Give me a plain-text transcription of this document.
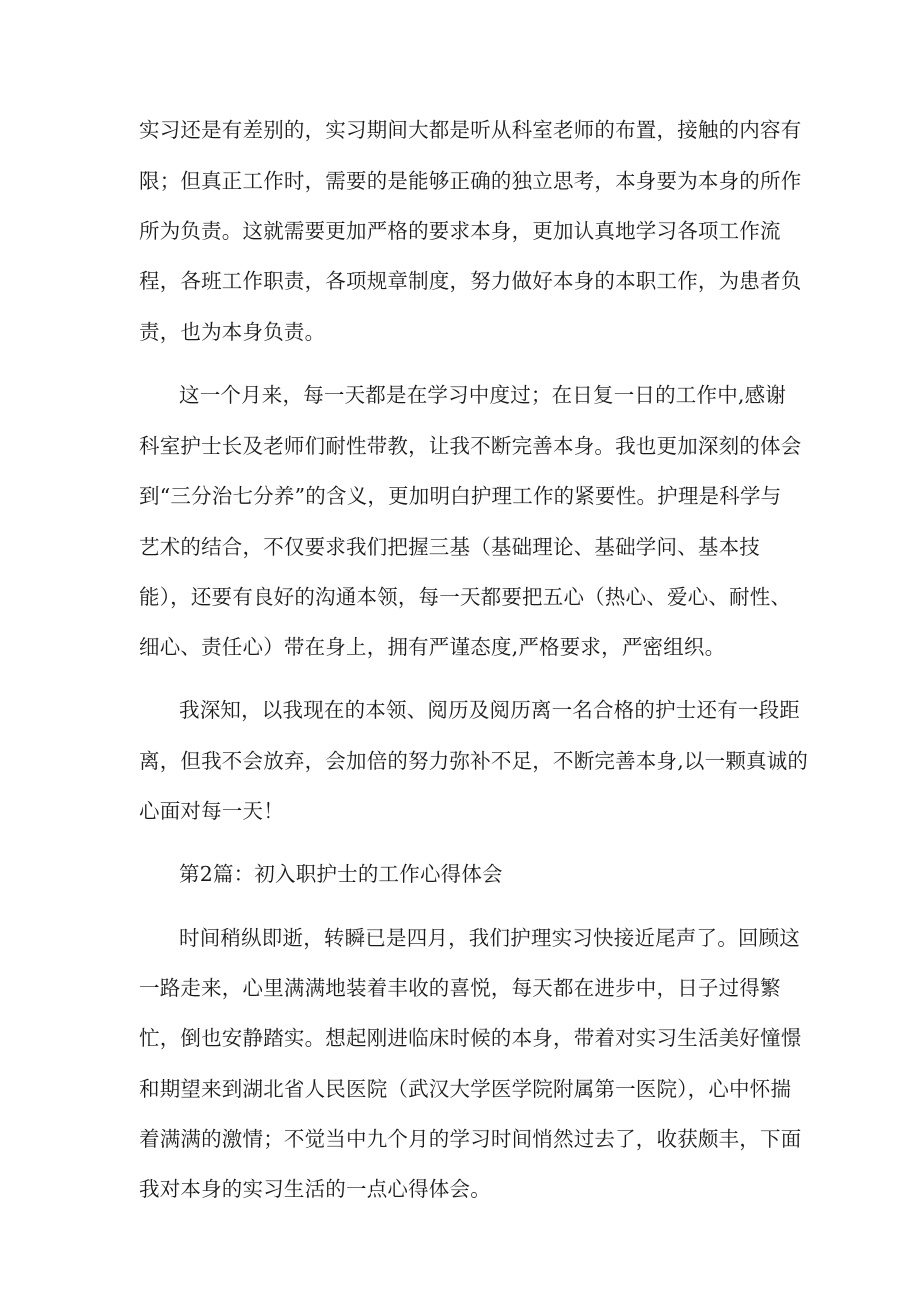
实习还是有差别的，实习期间大都是听从科室老师的布置，接触的内容有
限；但真正工作时，需要的是能够正确的独立思考，本身要为本身的所作
所为负责。这就需要更加严格的要求本身，更加认真地学习各项工作流
程，各班工作职责，各项规章制度，努力做好本身的本职工作，为患者负
责，也为本身负责。
这一个月来，每一天都是在学习中度过；在日复一日的工作中,感谢
科室护士长及老师们耐性带教，让我不断完善本身。我也更加深刻的体会
到“三分治七分养”的含义，更加明白护理工作的紧要性。护理是科学与
艺术的结合，不仅要求我们把握三基（基础理论、基础学问、基本技
能），还要有良好的沟通本领，每一天都要把五心（热心、爱心、耐性、
细心、责任心）带在身上，拥有严谨态度,严格要求，严密组织。
我深知，以我现在的本领、阅历及阅历离一名合格的护士还有一段距
离，但我不会放弃，会加倍的努力弥补不足，不断完善本身,以一颗真诚的
心面对每一天！
第2篇：初入职护士的工作心得体会
时间稍纵即逝，转瞬已是四月，我们护理实习快接近尾声了。回顾这
一路走来，心里满满地装着丰收的喜悦，每天都在进步中，日子过得繁
忙，倒也安静踏实。想起刚进临床时候的本身，带着对实习生活美好憧憬
和期望来到湖北省人民医院（武汉大学医学院附属第一医院），心中怀揣
着满满的激情；不觉当中九个月的学习时间悄然过去了，收获颇丰，下面
我对本身的实习生活的一点心得体会。
